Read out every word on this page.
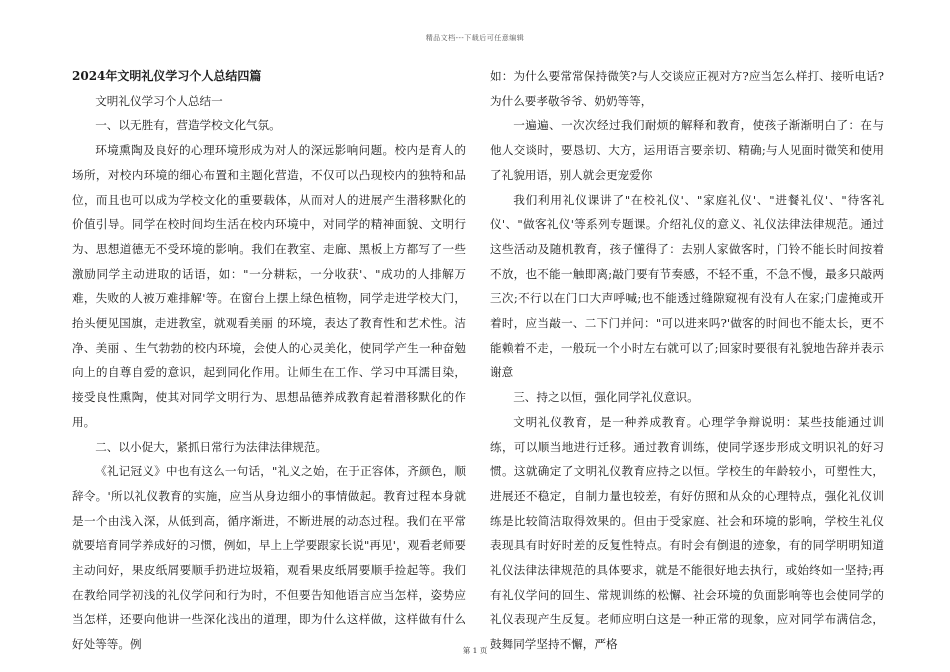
精品文档---下载后可任意编辑

2024年文明礼仪学习个人总结四篇

文明礼仪学习个人总结一

一、以无胜有，营造学校文化气氛。

环境熏陶及良好的心理环境形成为对人的深远影响问题。校内是育人的场所，对校内环境的细心布置和主题化营造，不仅可以凸现校内的独特和品位，而且也可以成为学校文化的重要载体，从而对人的进展产生潜移默化的价值引导。同学在校时间均生活在校内环境中，对同学的精神面貌、文明行为、思想道德无不受环境的影响。我们在教室、走廊、黑板上方都写了一些激励同学主动进取的话语，如："一分耕耘，一分收获'、"成功的人排解万难，失败的人被万难排解'等。在窗台上摆上绿色植物，同学走进学校大门，抬头便见国旗，走进教室，就观看美丽 的环境，表达了教育性和艺术性。洁净、美丽 、生气勃勃的校内环境，会使人的心灵美化，使同学产生一种奋勉向上的自尊自爱的意识，起到同化作用。让师生在工作、学习中耳濡目染，接受良性熏陶，使其对同学文明行为、思想品德养成教育起着潜移默化的作用。

二、以小促大，紧抓日常行为法律法律规范。

《礼记冠义》中也有这么一句话，"礼义之始，在于正容体，齐颜色，顺辞令。'所以礼仪教育的实施，应当从身边细小的事情做起。教育过程本身就是一个由浅入深，从低到高，循序渐进，不断进展的动态过程。我们在平常就要培育同学养成好的习惯，例如，早上上学要跟家长说"再见'，观看老师要主动问好，果皮纸屑要顺手扔进垃圾箱，观看果皮纸屑要顺手捡起等。我们在教给同学初浅的礼仪学问和行为时，不但要告知他语言应当怎样，姿势应当怎样，还要向他讲一些深化浅出的道理，即为什么这样做，这样做有什么好处等等。例

如：为什么要常常保持微笑?与人交谈应正视对方?应当怎么样打、接听电话?为什么要孝敬爷爷、奶奶等等，

一遍遍、一次次经过我们耐烦的解释和教育，使孩子渐渐明白了：在与他人交谈时，要恳切、大方，运用语言要亲切、精确;与人见面时微笑和使用了礼貌用语，别人就会更宠爱你

我们利用礼仪课讲了"在校礼仪'、"家庭礼仪'、"进餐礼仪'、"待客礼仪'、"做客礼仪'等系列专题课。介绍礼仪的意义、礼仪法律法律规范。通过这些活动及随机教育，孩子懂得了：去别人家做客时，门铃不能长时间按着不放，也不能一触即离;敲门要有节奏感，不轻不重，不急不慢，最多只敲两三次;不行以在门口大声呼喊;也不能透过缝隙窥视有没有人在家;门虚掩或开着时，应当敲一、二下门并问："可以进来吗?'做客的时间也不能太长，更不能赖着不走，一般玩一个小时左右就可以了;回家时要很有礼貌地告辞并表示谢意

三、持之以恒，强化同学礼仪意识。

文明礼仪教育，是一种养成教育。心理学争辩说明：某些技能通过训练，可以顺当地进行迁移。通过教育训练，使同学逐步形成文明识礼的好习惯。这就确定了文明礼仪教育应持之以恒。学校生的年龄较小，可塑性大，进展还不稳定，自制力量也较差，有好仿照和从众的心理特点，强化礼仪训练是比较简洁取得效果的。但由于受家庭、社会和环境的影响，学校生礼仪表现具有时好时差的反复性特点。有时会有倒退的迹象，有的同学明明知道礼仪法律法律规范的具体要求，就是不能很好地去执行，或始终如一坚持;再有礼仪学问的回生、常规训练的松懈、社会环境的负面影响等也会使同学的礼仪表现产生反复。老师应明白这是一种正常的现象，应对同学布满信念，鼓舞同学坚持不懈，严格

第 1 页
